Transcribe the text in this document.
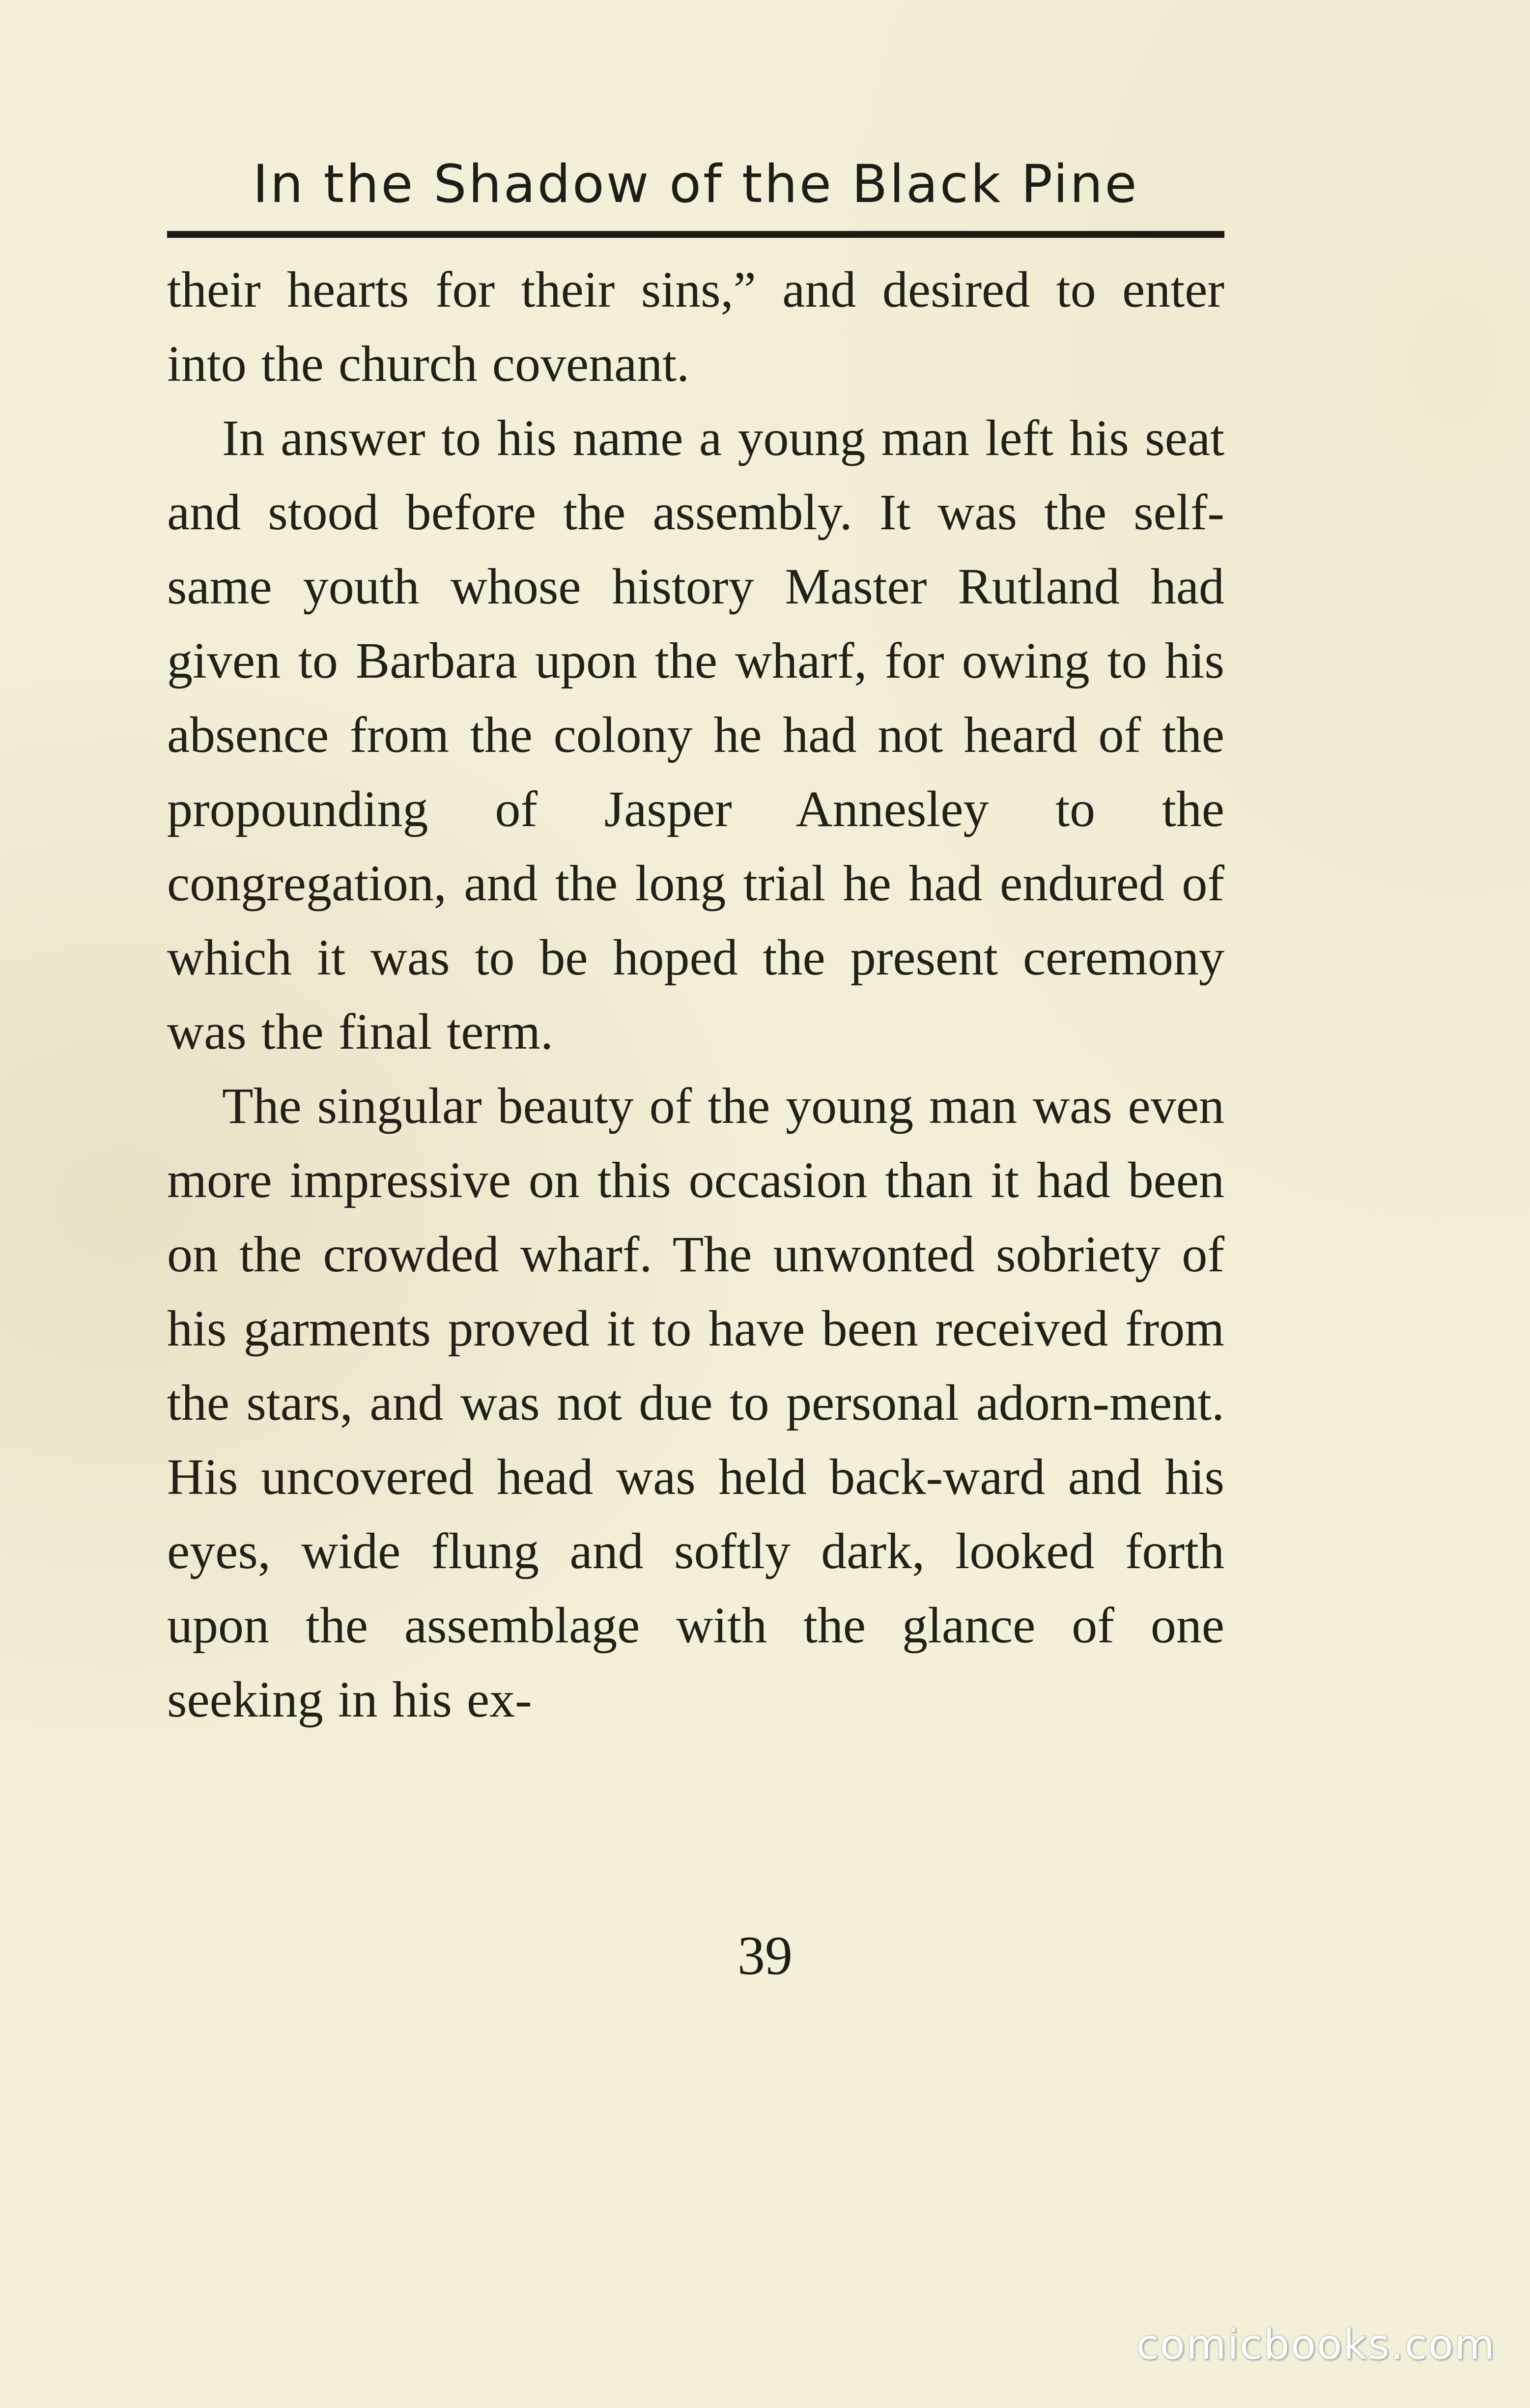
In the Shadow of the Black Pine

their hearts for their sins,” and desired to enter into the church covenant.

In answer to his name a young man left his seat and stood before the assembly. It was the self-same youth whose history Master Rutland had given to Barbara upon the wharf, for owing to his absence from the colony he had not heard of the propounding of Jasper Annesley to the congregation, and the long trial he had endured of which it was to be hoped the present ceremony was the final term.

The singular beauty of the young man was even more impressive on this occasion than it had been on the crowded wharf. The unwonted sobriety of his garments proved it to have been received from the stars, and was not due to personal adorn-ment. His uncovered head was held back-ward and his eyes, wide flung and softly dark, looked forth upon the assemblage with the glance of one seeking in his ex-

39
comicbooks.com
